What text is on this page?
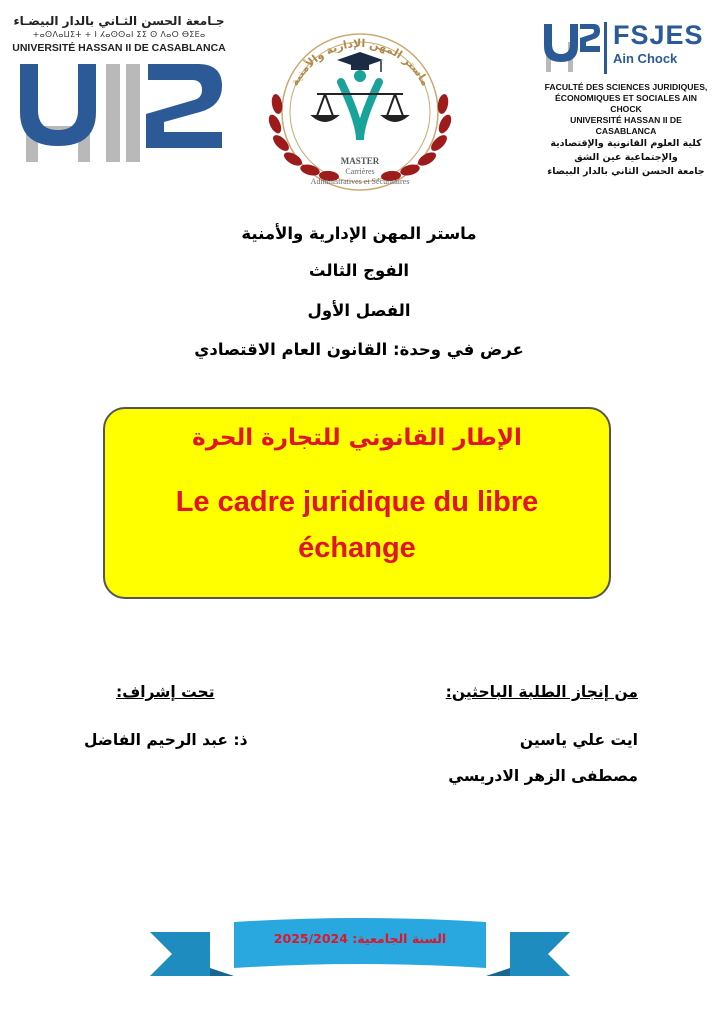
جـامعة الحسن الثـاني بالدار البيضـاء
+ⴰⵙⴷⴰⵡⵉⵜ + ⵏ ⵃⴰⵙⵙⴰⵏ ⵉⵉ ⵙ ⴷⴰⵔ ⴱⵉⴹⴰ
UNIVERSITÉ HASSAN II DE CASABLANCA
ماستر المهن الإدارية والأمنية
MASTER
Carrières
Administratives et Sécuritaires
FSJES
Ain Chock
FACULTÉ DES SCIENCES JURIDIQUES,
ÉCONOMIQUES ET SOCIALES AIN CHOCK
UNIVERSITÉ HASSAN II DE CASABLANCA
كلية العلوم القانونية والإقتصادية
والإجتماعية عين الشق
جامعة الحسن الثاني بالدار البيضاء
ماستر المهن الإدارية والأمنية
الفوج الثالث
الفصل الأول
عرض في وحدة: القانون العام الاقتصادي
الإطار القانوني للتجارة الحرة
Le cadre juridique du libre échange
من إنجاز الطلبة الباحثين:
ايت علي ياسين
مصطفى الزهر الادريسي
تحت إشراف:
ذ: عبد الرحيم الفاضل
السنة الجامعية: 2025/2024
